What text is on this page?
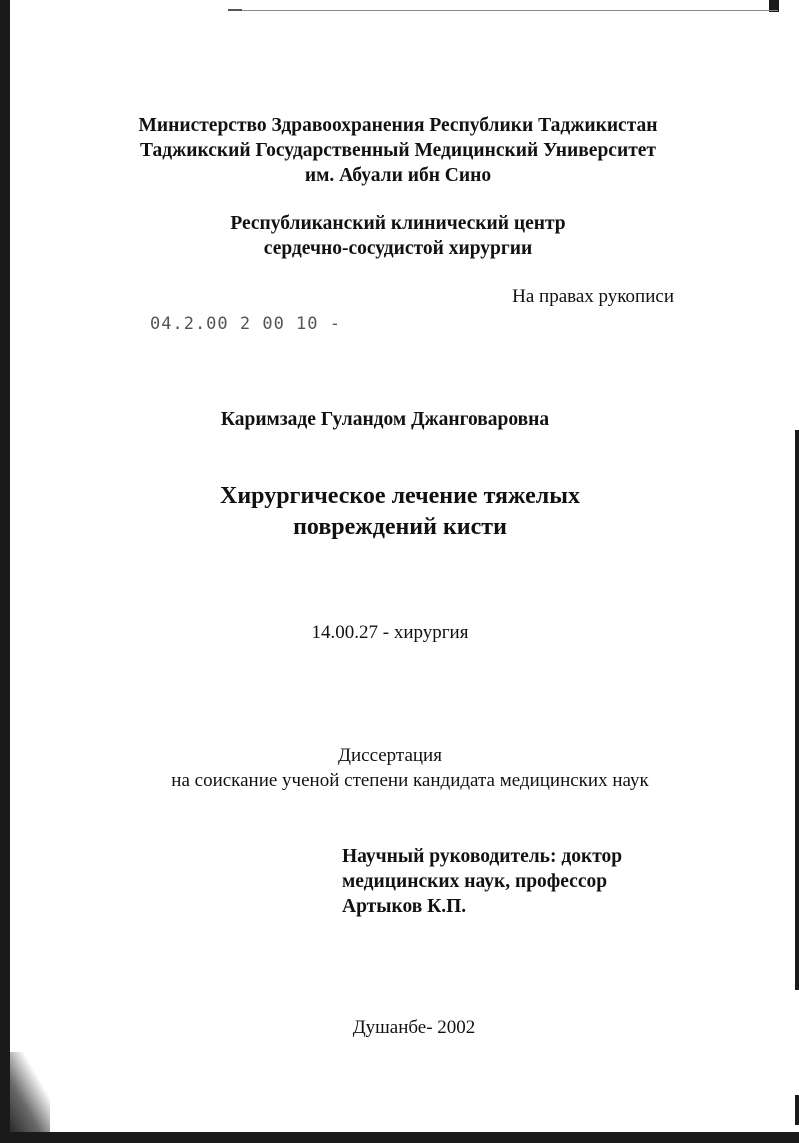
Министерство Здравоохранения Республики Таджикистан
Таджикский Государственный Медицинский Университет
им. Абуали ибн Сино
Республиканский клинический центр
сердечно-сосудистой хирургии
На правах рукописи
04.2.00 2 00 10 -
Каримзаде Гуландом Джанговаровна
Хирургическое лечение тяжелых
повреждений кисти
14.00.27 - хирургия
Диссертация
на соискание ученой степени кандидата медицинских наук
Научный руководитель: доктор
медицинских наук, профессор
Артыков К.П.
Душанбе- 2002
